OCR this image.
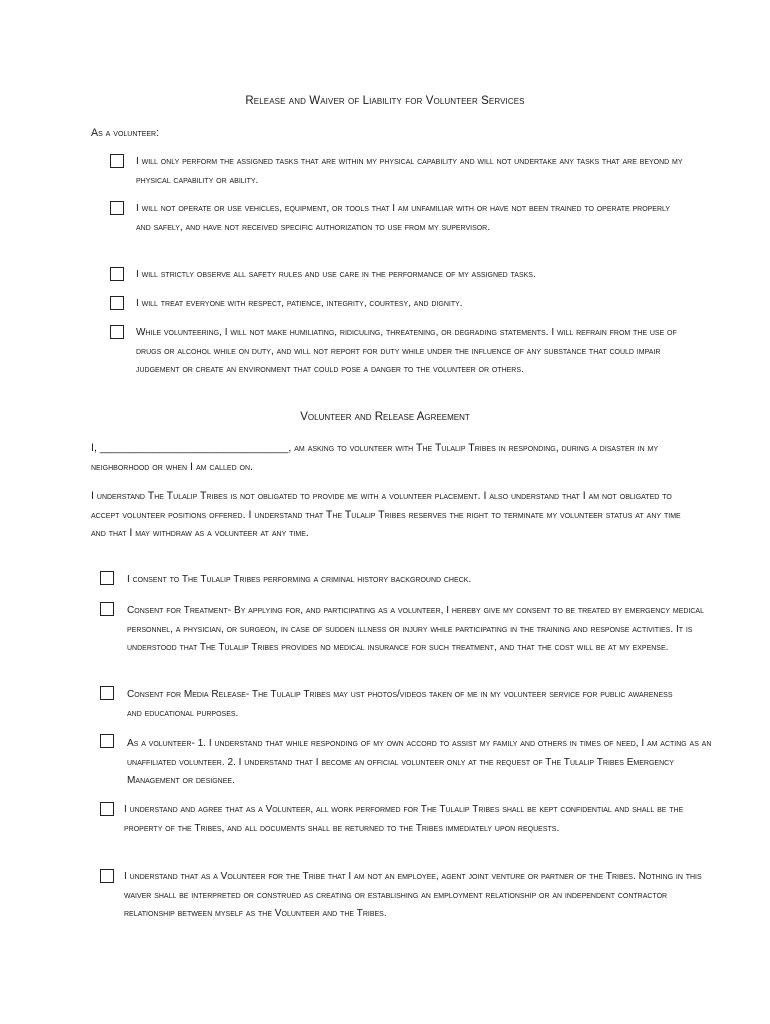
Release and Waiver of Liability for Volunteer Services
As a volunteer:
I will only perform the assigned tasks that are within my physical capability and will not undertake any tasks that are beyond my physical capability or ability.
I will not operate or use vehicles, equipment, or tools that I am unfamiliar with or have not been trained to operate properly and safely, and have not received specific authorization to use from my supervisor.
I will strictly observe all safety rules and use care in the performance of my assigned tasks.
I will treat everyone with respect, patience, integrity, courtesy, and dignity.
While volunteering, I will not make humiliating, ridiculing, threatening, or degrading statements. I will refrain from the use of drugs or alcohol while on duty, and will not report for duty while under the influence of any substance that could impair judgement or create an environment that could pose a danger to the volunteer or others.
Volunteer and Release Agreement
I, ________________________________, am asking to volunteer with The Tulalip Tribes in responding, during a disaster in my neighborhood or when I am called on.
I understand The Tulalip Tribes is not obligated to provide me with a volunteer placement. I also understand that I am not obligated to accept volunteer positions offered. I understand that The Tulalip Tribes reserves the right to terminate my volunteer status at any time and that I may withdraw as a volunteer at any time.
I consent to The Tulalip Tribes performing a criminal history background check.
Consent for Treatment- By applying for, and participating as a volunteer, I hereby give my consent to be treated by emergency medical personnel, a physician, or surgeon, in case of sudden illness or injury while participating in the training and response activities. It is understood that The Tulalip Tribes provides no medical insurance for such treatment, and that the cost will be at my expense.
Consent for Media Release- The Tulalip Tribes may ust photos/videos taken of me in my volunteer service for public awareness and educational purposes.
As a volunteer- 1. I understand that while responding of my own accord to assist my family and others in times of need, I am acting as an unaffiliated volunteer. 2. I understand that I become an official volunteer only at the request of The Tulalip Tribes Emergency Management or designee.
I understand and agree that as a Volunteer, all work performed for The Tulalip Tribes shall be kept confidential and shall be the property of the Tribes, and all documents shall be returned to the Tribes immediately upon requests.
I understand that as a Volunteer for the Tribe that I am not an employee, agent joint venture or partner of the Tribes. Nothing in this waiver shall be interpreted or construed as creating or establishing an employment relationship or an independent contractor relationship between myself as the Volunteer and the Tribes.
